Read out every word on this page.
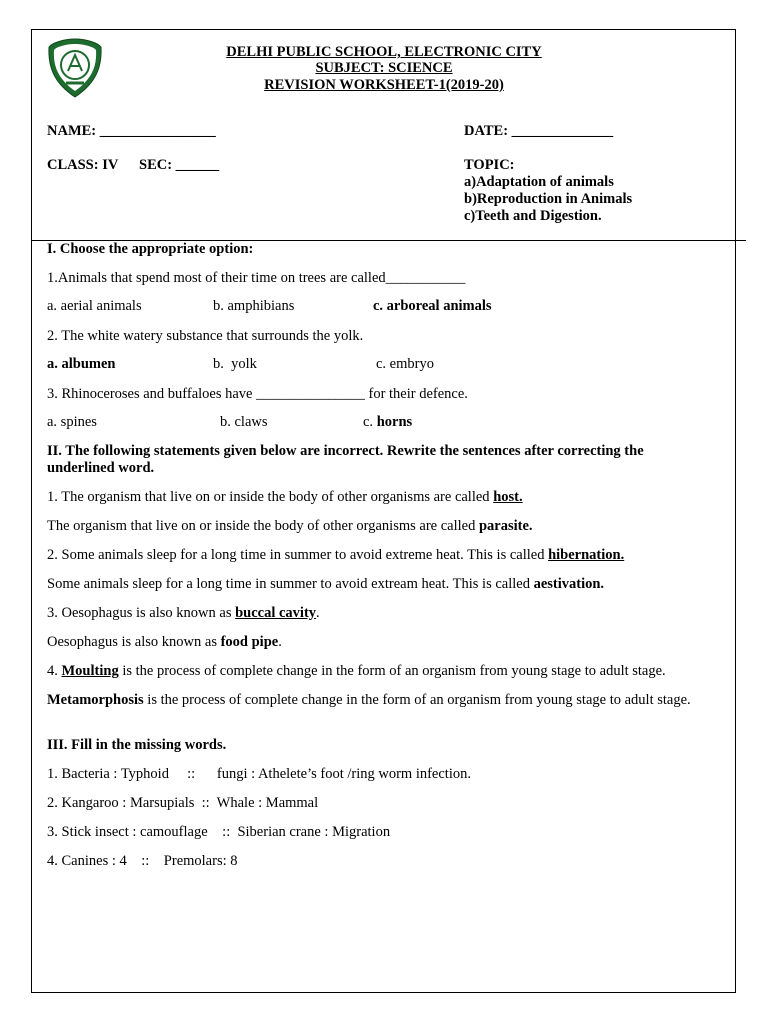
DELHI PUBLIC SCHOOL, ELECTRONIC CITY
SUBJECT: SCIENCE
REVISION WORKSHEET-1(2019-20)
NAME: ________________	DATE: ______________
CLASS: IV SEC: ______	TOPIC:
a)Adaptation of animals
b)Reproduction in Animals
c)Teeth and Digestion.
I. Choose the appropriate option:
1.Animals that spend most of their time on trees are called___________
a. aerial animals	b. amphibians	c. arboreal animals
2. The white watery substance that surrounds the yolk.
a. albumen	b.  yolk	c. embryo
3. Rhinoceroses and buffaloes have _______________ for their defence.
a. spines	b. claws	c. horns
II. The following statements given below are incorrect. Rewrite the sentences after correcting the underlined word.
1. The organism that live on or inside the body of other organisms are called host.
The organism that live on or inside the body of other organisms are called parasite.
2. Some animals sleep for a long time in summer to avoid extreme heat. This is called hibernation.
Some animals sleep for a long time in summer to avoid extream heat. This is called aestivation.
3. Oesophagus is also known as buccal cavity.
Oesophagus is also known as food pipe.
4. Moulting is the process of complete change in the form of an organism from young stage to adult stage.
Metamorphosis is the process of complete change in the form of an organism from young stage to adult stage.
III. Fill in the missing words.
1. Bacteria : Typhoid     ::      fungi : Athelete’s foot /ring worm infection.
2. Kangaroo : Marsupials  ::  Whale : Mammal
3. Stick insect : camouflage    ::  Siberian crane : Migration
4. Canines : 4    ::    Premolars: 8
